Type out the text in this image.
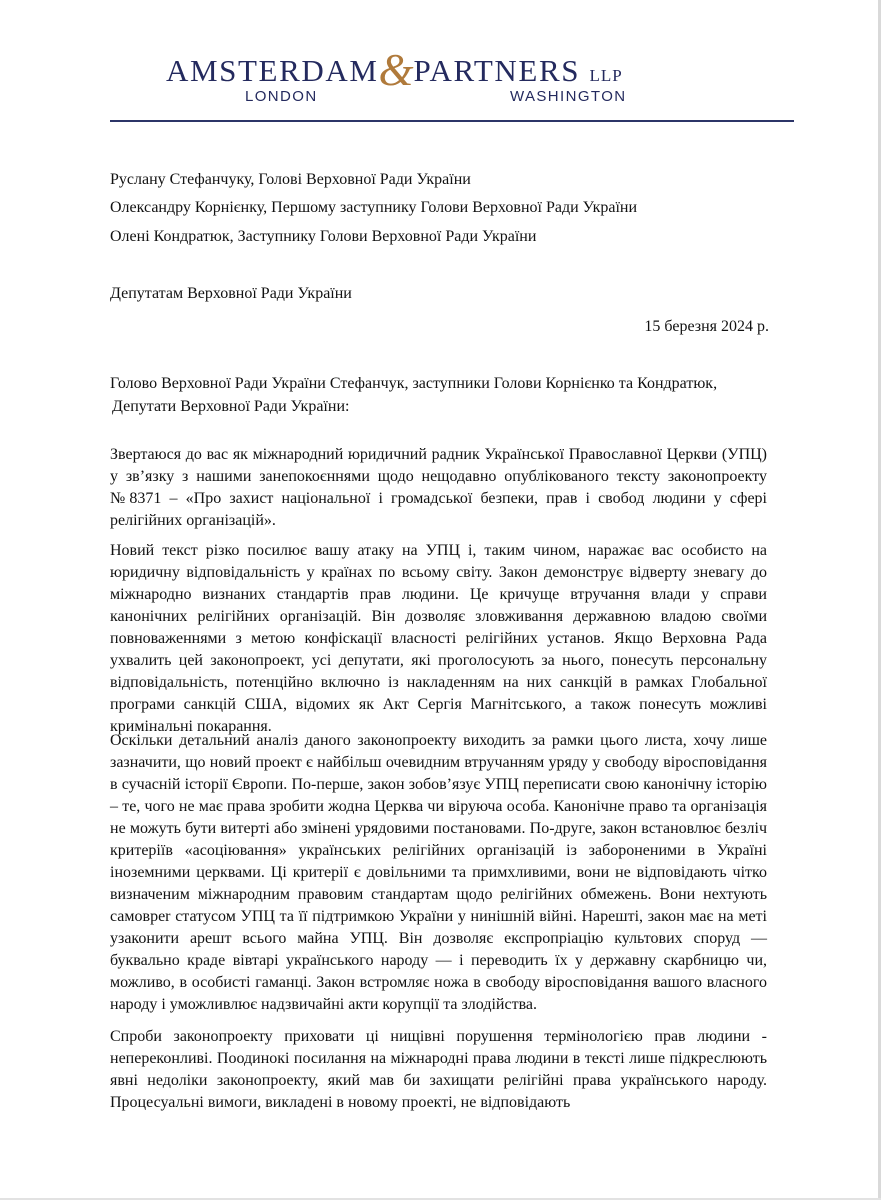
AMSTERDAM&PARTNERS LLP
LONDON	WASHINGTON
Руслану Стефанчуку, Голові Верховної Ради України
Олександру Корнієнку, Першому заступнику Голови Верховної Ради України
Олені Кондратюк, Заступнику Голови Верховної Ради України
Депутатам Верховної Ради України
15 березня 2024 р.
Голово Верховної Ради України Стефанчук, заступники Голови Корнієнко та Кондратюк,
Депутати Верховної Ради України:

Звертаюся до вас як міжнародний юридичний радник Української Православної Церкви (УПЦ) у зв’язку з нашими занепокоєннями щодо нещодавно опублікованого тексту законопроекту №8371 – «Про захист національної і громадської безпеки, прав і свобод людини у сфері релігійних організацій».

Новий текст різко посилює вашу атаку на УПЦ і, таким чином, наражає вас особисто на юридичну відповідальність у країнах по всьому світу. Закон демонструє відверту зневагу до міжнародно визнаних стандартів прав людини. Це кричуще втручання влади у справи канонічних релігійних організацій. Він дозволяє зловживання державною владою своїми повноваженнями з метою конфіскації власності релігійних установ. Якщо Верховна Рада ухвалить цей законопроект, усі депутати, які проголосують за нього, понесуть персональну відповідальність, потенційно включно із накладенням на них санкцій в рамках Глобальної програми санкцій США, відомих як Акт Сергія Магнітського, а також понесуть можливі кримінальні покарання.

Оскільки детальний аналіз даного законопроекту виходить за рамки цього листа, хочу лише зазначити, що новий проект є найбільш очевидним втручанням уряду у свободу віросповідання в сучасній історії Європи. По-перше, закон зобов’язує УПЦ переписати свою канонічну історію – те, чого не має права зробити жодна Церква чи віруюча особа. Канонічне право та організація не можуть бути витерті або змінені урядовими постановами. По-друге, закон встановлює безліч критеріїв «асоціювання» українських релігійних організацій із забороненими в Україні іноземними церквами. Ці критерії є довільними та примхливими, вони не відповідають чітко визначеним міжнародним правовим стандартам щодо релігійних обмежень. Вони нехтують самовper статусом УПЦ та її підтримкою України у нинішній війні. Нарешті, закон має на меті узаконити арешт всього майна УПЦ. Він дозволяє експропріацію культових споруд — буквально краде вівтарі українського народу — і переводить їх у державну скарбницю чи, можливо, в особисті гаманці. Закон встромляє ножа в свободу віросповідання вашого власного народу і уможливлює надзвичайні акти корупції та злодійства.

Спроби законопроекту приховати ці нищівні порушення термінологією прав людини - непереконливі. Поодинокі посилання на міжнародні права людини в тексті лише підкреслюють явні недоліки законопроекту, який мав би захищати релігійні права українського народу. Процесуальні вимоги, викладені в новому проекті, не відповідають
